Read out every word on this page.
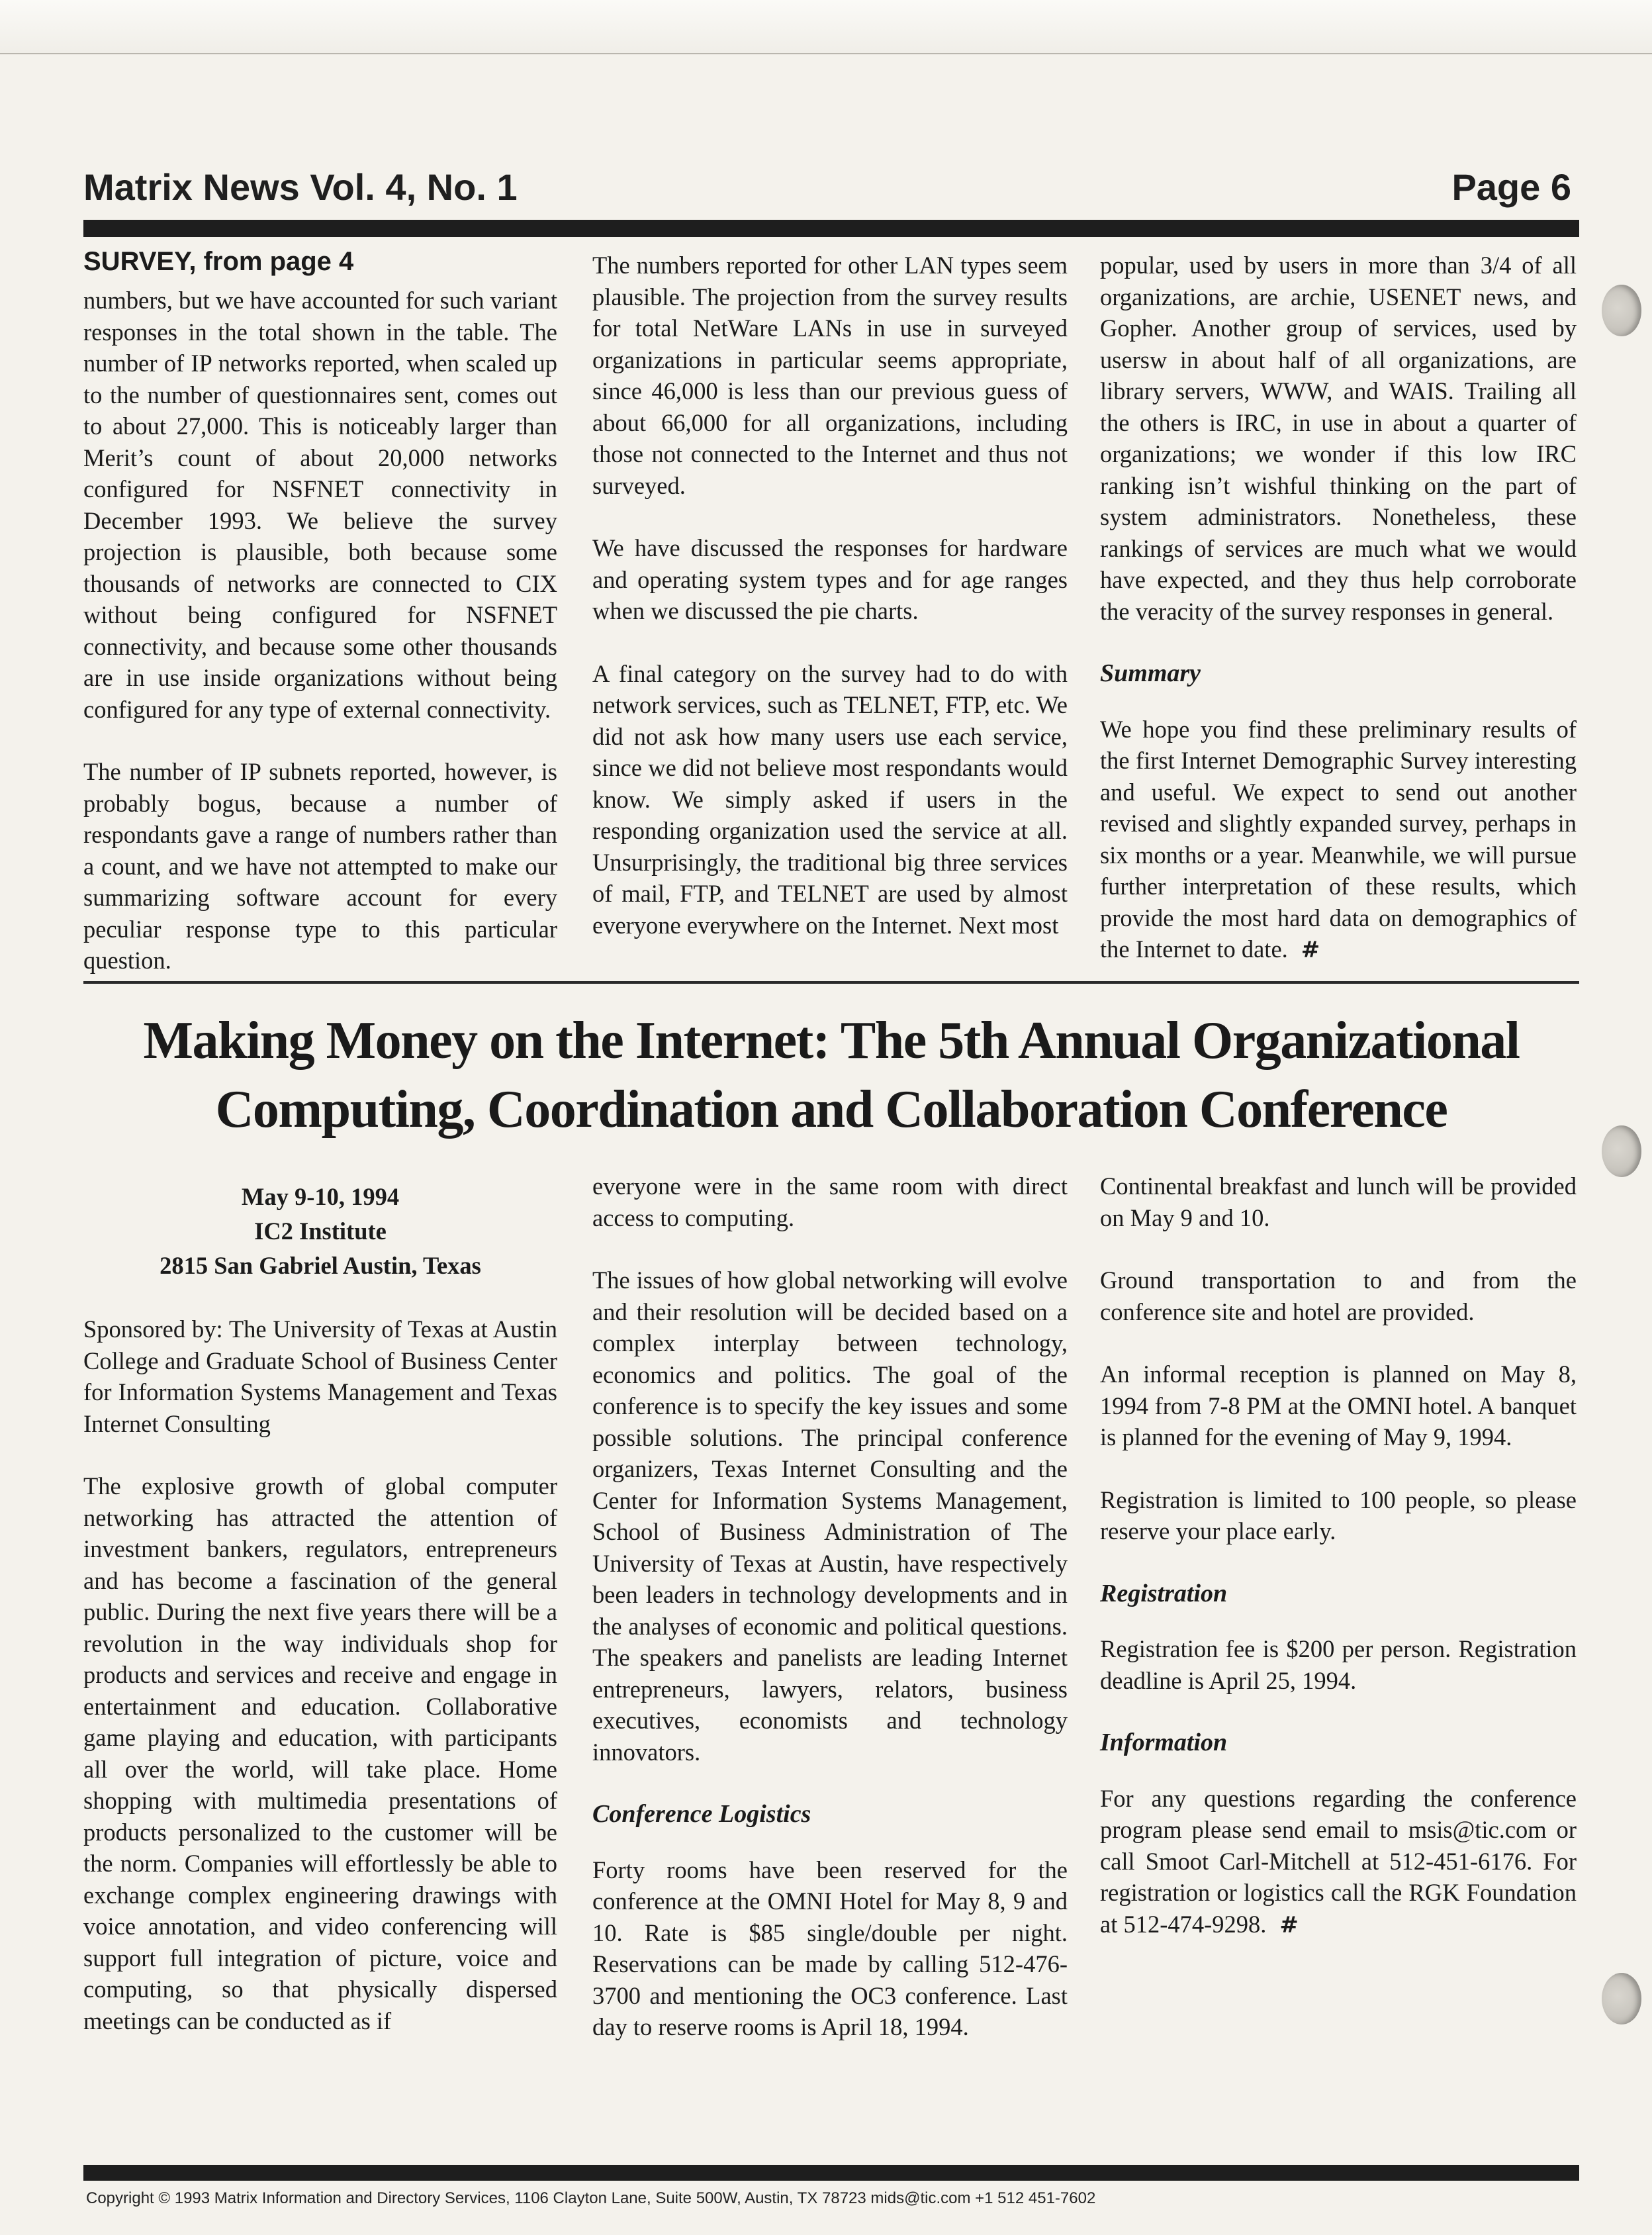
Matrix News Vol. 4, No. 1	Page 6
SURVEY, from page 4

numbers, but we have accounted for such variant responses in the total shown in the table. The number of IP networks reported, when scaled up to the number of questionnaires sent, comes out to about 27,000. This is noticeably larger than Merit’s count of about 20,000 networks configured for NSFNET connectivity in December 1993. We believe the survey projection is plausible, both because some thousands of networks are connected to CIX without being configured for NSFNET connectivity, and because some other thousands are in use inside organizations without being configured for any type of external connectivity.

The number of IP subnets reported, however, is probably bogus, because a number of respondants gave a range of numbers rather than a count, and we have not attempted to make our summarizing software account for every peculiar response type to this particular question.

The numbers reported for other LAN types seem plausible. The projection from the survey results for total NetWare LANs in use in surveyed organizations in particular seems appropriate, since 46,000 is less than our previous guess of about 66,000 for all organizations, including those not connected to the Internet and thus not surveyed.

We have discussed the responses for hardware and operating system types and for age ranges when we discussed the pie charts.

A final category on the survey had to do with network services, such as TELNET, FTP, etc. We did not ask how many users use each service, since we did not believe most respondants would know. We simply asked if users in the responding organization used the service at all. Unsurprisingly, the traditional big three services of mail, FTP, and TELNET are used by almost everyone everywhere on the Internet. Next most

popular, used by users in more than 3/4 of all organizations, are archie, USENET news, and Gopher. Another group of services, used by usersw in about half of all organizations, are library servers, WWW, and WAIS. Trailing all the others is IRC, in use in about a quarter of organizations; we wonder if this low IRC ranking isn’t wishful thinking on the part of system administrators. Nonetheless, these rankings of services are much what we would have expected, and they thus help corroborate the veracity of the survey responses in general.

Summary

We hope you find these preliminary results of the first Internet Demographic Survey interesting and useful. We expect to send out another revised and slightly expanded survey, perhaps in six months or a year. Meanwhile, we will pursue further interpretation of these results, which provide the most hard data on demographics of the Internet to date. #

Making Money on the Internet: The 5th Annual Organizational
Computing, Coordination and Collaboration Conference
May 9-10, 1994
IC2 Institute
2815 San Gabriel Austin, Texas

Sponsored by: The University of Texas at Austin College and Graduate School of Business Center for Information Systems Management and Texas Internet Consulting

The explosive growth of global computer networking has attracted the attention of investment bankers, regulators, entrepreneurs and has become a fascination of the general public. During the next five years there will be a revolution in the way individuals shop for products and services and receive and engage in entertainment and education. Collaborative game playing and education, with participants all over the world, will take place. Home shopping with multimedia presentations of products personalized to the customer will be the norm. Companies will effortlessly be able to exchange complex engineering drawings with voice annotation, and video conferencing will support full integration of picture, voice and computing, so that physically dispersed meetings can be conducted as if

everyone were in the same room with direct access to computing.

The issues of how global networking will evolve and their resolution will be decided based on a complex interplay between technology, economics and politics. The goal of the conference is to specify the key issues and some possible solutions. The principal conference organizers, Texas Internet Consulting and the Center for Information Systems Management, School of Business Administration of The University of Texas at Austin, have respectively been leaders in technology developments and in the analyses of economic and political questions. The speakers and panelists are leading Internet entrepreneurs, lawyers, relators, business executives, economists and technology innovators.

Conference Logistics

Forty rooms have been reserved for the conference at the OMNI Hotel for May 8, 9 and 10. Rate is $85 single/double per night. Reservations can be made by calling 512-476-3700 and mentioning the OC3 conference. Last day to reserve rooms is April 18, 1994.

Continental breakfast and lunch will be provided on May 9 and 10.

Ground transportation to and from the conference site and hotel are provided.

An informal reception is planned on May 8, 1994 from 7-8 PM at the OMNI hotel. A banquet is planned for the evening of May 9, 1994.

Registration is limited to 100 people, so please reserve your place early.

Registration

Registration fee is $200 per person. Registration deadline is April 25, 1994.

Information

For any questions regarding the conference program please send email to msis@tic.com or call Smoot Carl-Mitchell at 512-451-6176. For registration or logistics call the RGK Foundation at 512-474-9298. #

Copyright © 1993 Matrix Information and Directory Services, 1106 Clayton Lane, Suite 500W, Austin, TX 78723 mids@tic.com +1 512 451-7602
